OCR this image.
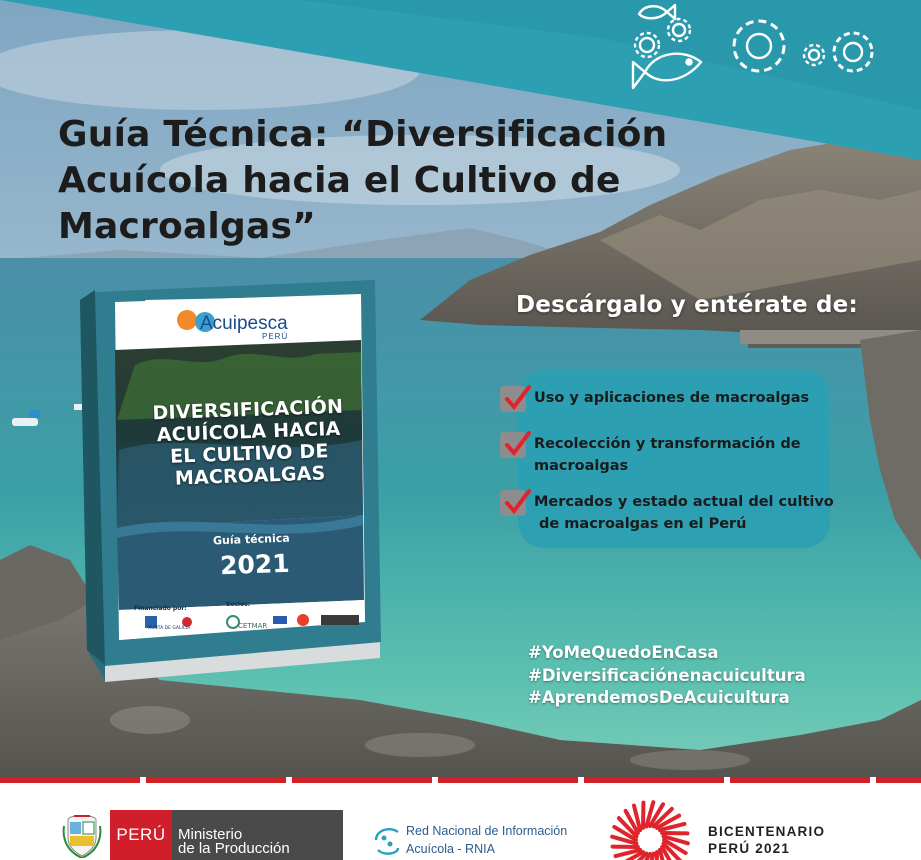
Guía Técnica: “Diversificación
Acuícola hacia el Cultivo de
Macroalgas”
Acuipesca
PERÚ
DIVERSIFICACIÓN
ACUÍCOLA HACIA
EL CULTIVO DE
MACROALGAS
Guía técnica
2021
Financiado por:
Socios:
XUNTA DE GALICIA	CETMAR
Descárgalo y entérate de:
Uso y aplicaciones de macroalgas
Recolección y transformación de
macroalgas
Mercados y estado actual del cultivo
de macroalgas en el Perú
#YoMeQuedoEnCasa
#Diversificaciónenacuicultura
#AprendemosDeAcuicultura
PERÚ Ministerio
de la Producción
Red Nacional de Información
Acuícola - RNIA
BICENTENARIO
PERÚ 2021
